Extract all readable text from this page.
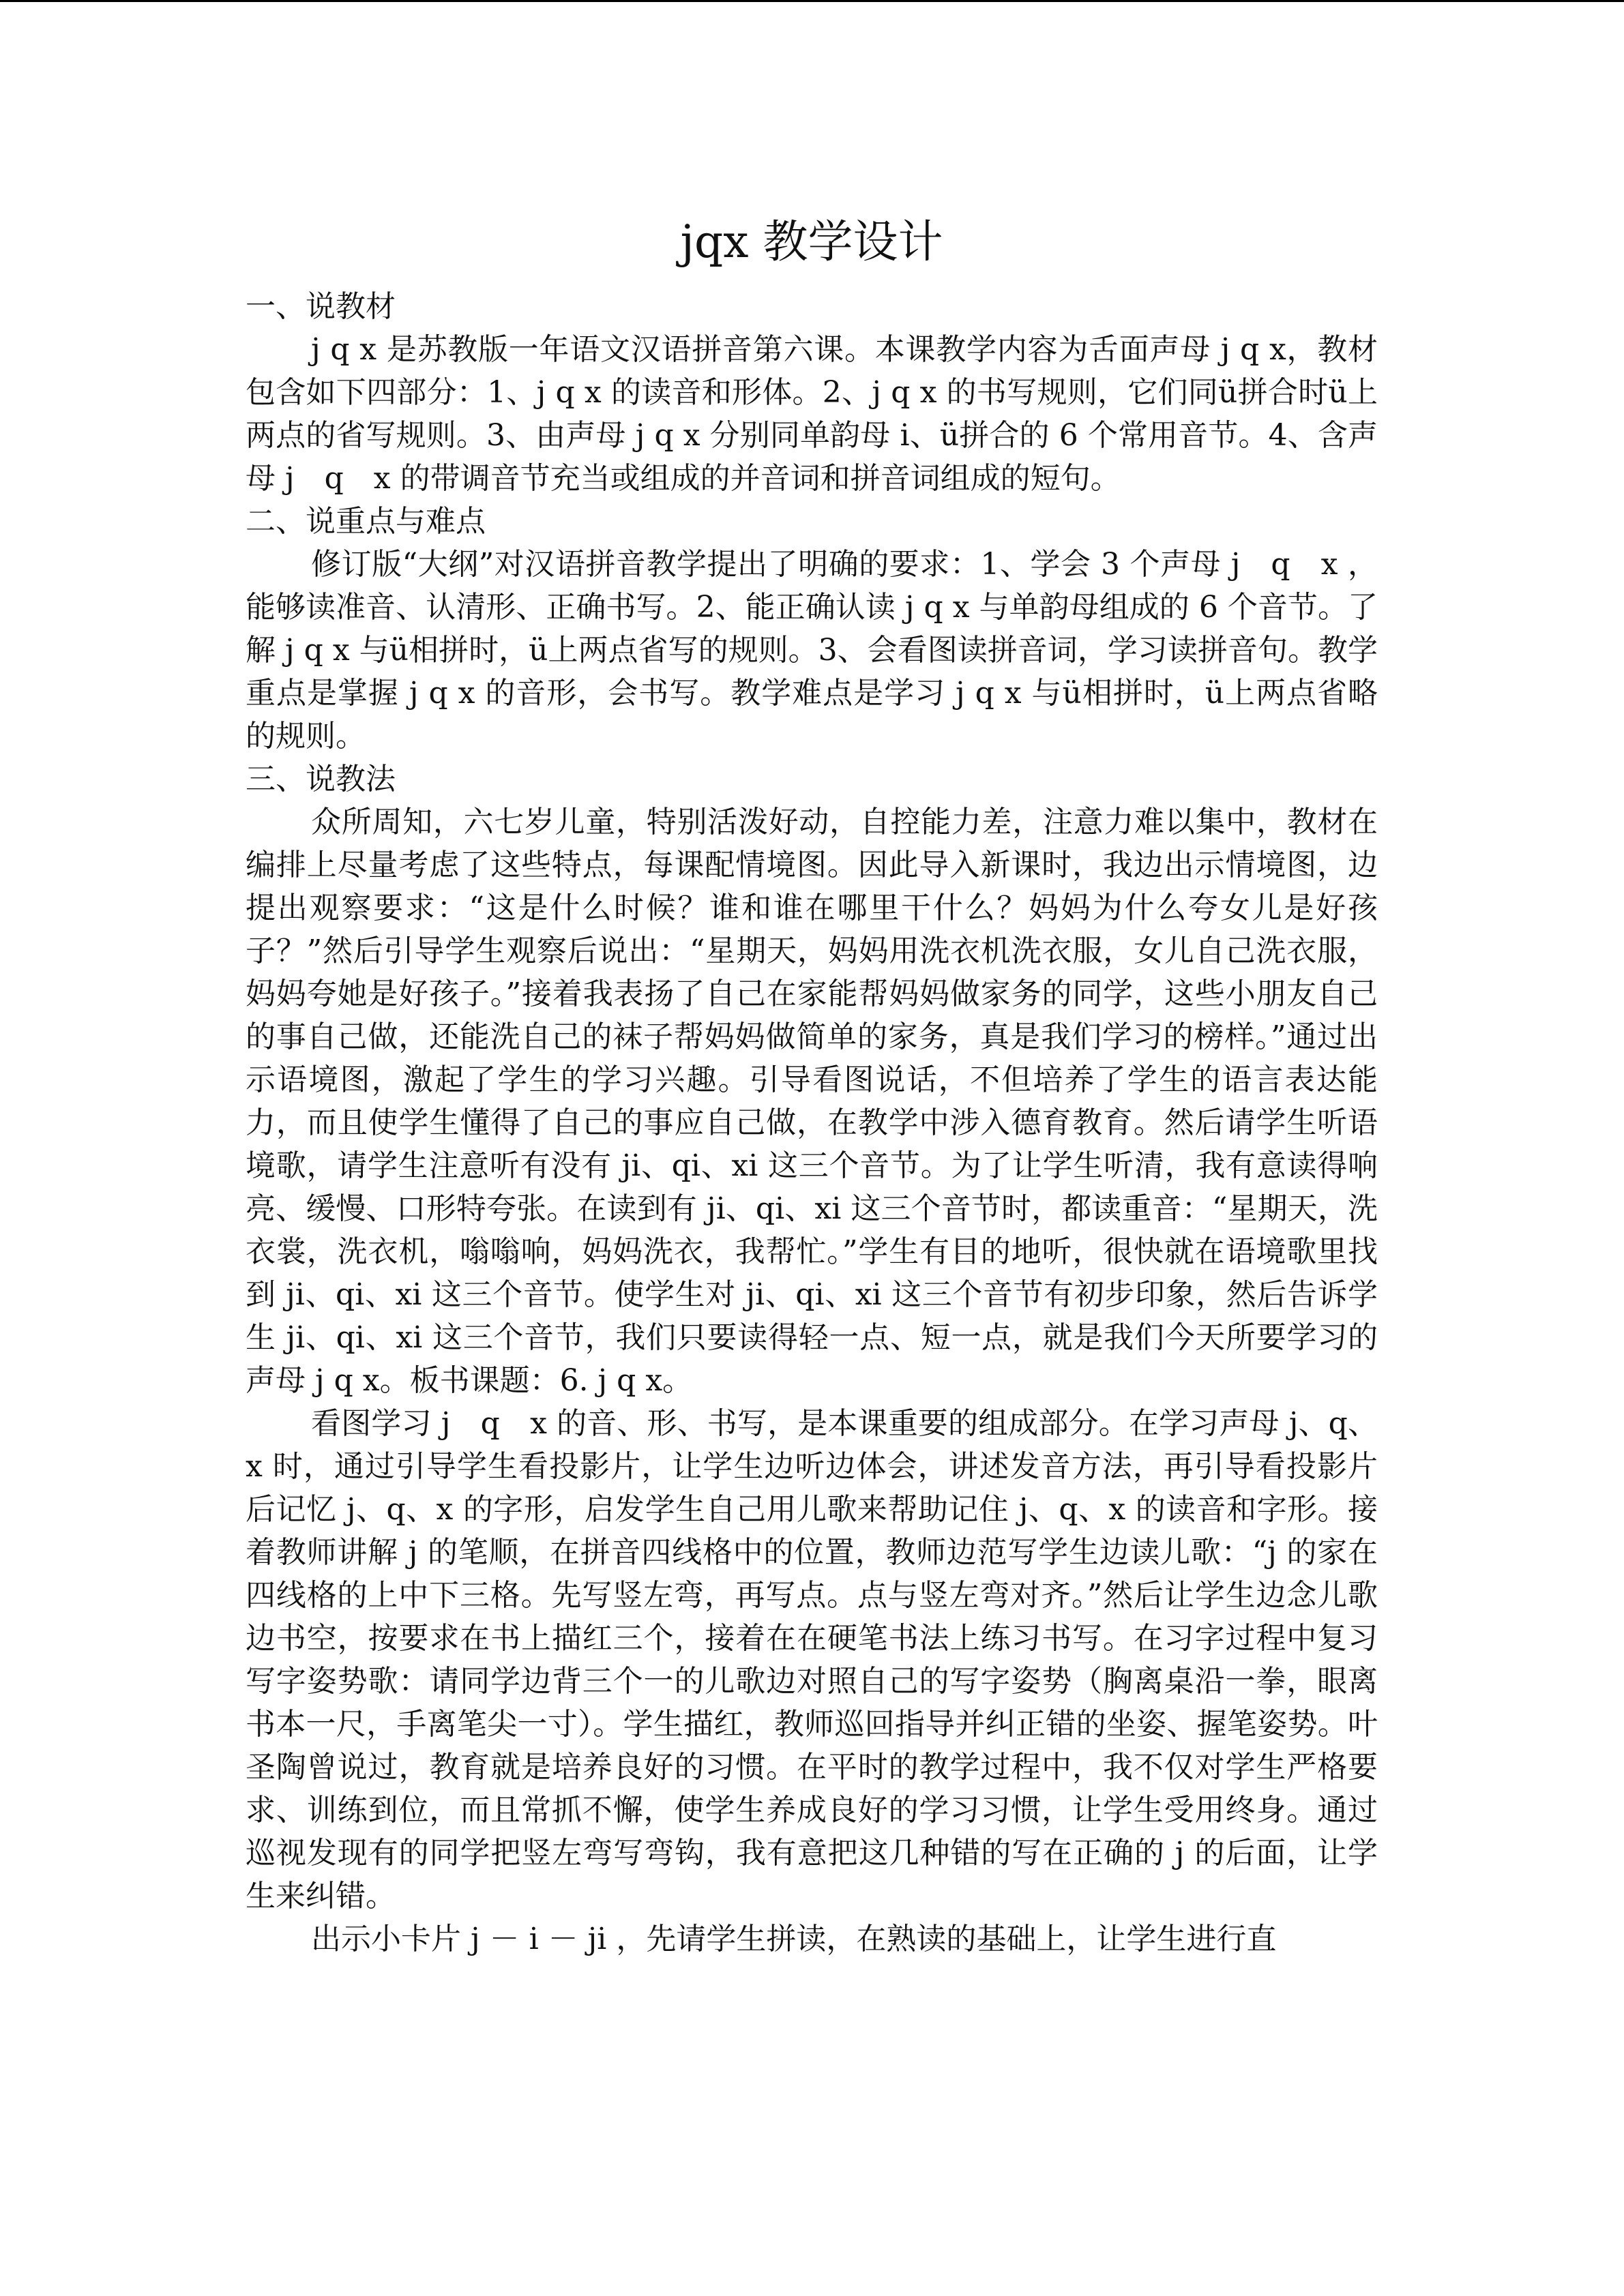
jqx 教学设计

一、说教材

j q x 是苏教版一年语文汉语拼音第六课。本课教学内容为舌面声母 j q x，教材包含如下四部分：1、j q x 的读音和形体。2、j q x 的书写规则，它们同ü拼合时ü上两点的省写规则。3、由声母 j q x 分别同单韵母 i、ü拼合的 6 个常用音节。4、含声母 j　q　x 的带调音节充当或组成的并音词和拼音词组成的短句。

二、说重点与难点

修订版“大纲”对汉语拼音教学提出了明确的要求：1、学会 3 个声母 j　q　x ，能够读准音、认清形、正确书写。2、能正确认读 j q x 与单韵母组成的 6 个音节。了解 j q x 与ü相拼时，ü上两点省写的规则。3、会看图读拼音词，学习读拼音句。教学重点是掌握 j q x 的音形，会书写。教学难点是学习 j q x 与ü相拼时，ü上两点省略的规则。

三、说教法

众所周知，六七岁儿童，特别活泼好动，自控能力差，注意力难以集中，教材在编排上尽量考虑了这些特点，每课配情境图。因此导入新课时，我边出示情境图，边提出观察要求：“这是什么时候？谁和谁在哪里干什么？妈妈为什么夸女儿是好孩子？”然后引导学生观察后说出：“星期天，妈妈用洗衣机洗衣服，女儿自己洗衣服，妈妈夸她是好孩子。”接着我表扬了自己在家能帮妈妈做家务的同学，这些小朋友自己的事自己做，还能洗自己的袜子帮妈妈做简单的家务，真是我们学习的榜样。”通过出示语境图，激起了学生的学习兴趣。引导看图说话，不但培养了学生的语言表达能力，而且使学生懂得了自己的事应自己做，在教学中涉入德育教育。然后请学生听语境歌，请学生注意听有没有 ji、qi、xi 这三个音节。为了让学生听清，我有意读得响亮、缓慢、口形特夸张。在读到有 ji、qi、xi 这三个音节时，都读重音：“星期天，洗衣裳，洗衣机，嗡嗡响，妈妈洗衣，我帮忙。”学生有目的地听，很快就在语境歌里找到 ji、qi、xi 这三个音节。使学生对 ji、qi、xi 这三个音节有初步印象，然后告诉学生 ji、qi、xi 这三个音节，我们只要读得轻一点、短一点，就是我们今天所要学习的声母 j q x。板书课题：6. j q x。

看图学习 j　q　x 的音、形、书写，是本课重要的组成部分。在学习声母 j、q、x 时，通过引导学生看投影片，让学生边听边体会，讲述发音方法，再引导看投影片后记忆 j、q、x 的字形，启发学生自己用儿歌来帮助记住 j、q、x 的读音和字形。接着教师讲解 j 的笔顺，在拼音四线格中的位置，教师边范写学生边读儿歌：“j 的家在四线格的上中下三格。先写竖左弯，再写点。点与竖左弯对齐。”然后让学生边念儿歌边书空，按要求在书上描红三个，接着在在硬笔书法上练习书写。在习字过程中复习写字姿势歌：请同学边背三个一的儿歌边对照自己的写字姿势（胸离桌沿一拳，眼离书本一尺，手离笔尖一寸）。学生描红，教师巡回指导并纠正错的坐姿、握笔姿势。叶圣陶曾说过，教育就是培养良好的习惯。在平时的教学过程中，我不仅对学生严格要求、训练到位，而且常抓不懈，使学生养成良好的学习习惯，让学生受用终身。通过巡视发现有的同学把竖左弯写弯钩，我有意把这几种错的写在正确的 j 的后面，让学生来纠错。

出示小卡片 j － i － ji ，先请学生拼读，在熟读的基础上，让学生进行直
